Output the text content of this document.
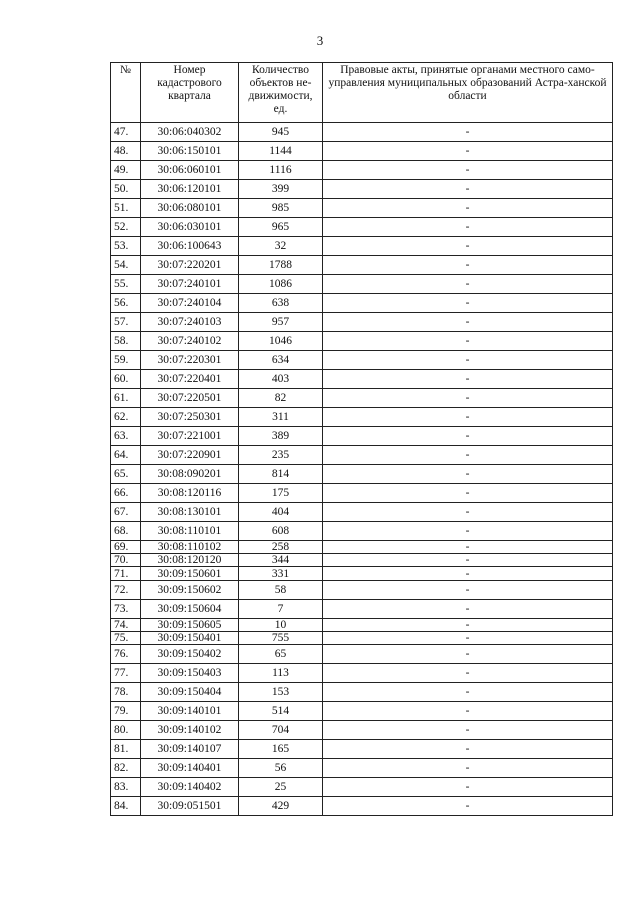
3
№	Номер кадастрового квартала	Количество объектов не-движимости, ед.	Правовые акты, принятые органами местного само-управления муниципальных образований Астра-ханской области
47.	30:06:040302	945	-
48.	30:06:150101	1144	-
49.	30:06:060101	1116	-
50.	30:06:120101	399	-
51.	30:06:080101	985	-
52.	30:06:030101	965	-
53.	30:06:100643	32	-
54.	30:07:220201	1788	-
55.	30:07:240101	1086	-
56.	30:07:240104	638	-
57.	30:07:240103	957	-
58.	30:07:240102	1046	-
59.	30:07:220301	634	-
60.	30:07:220401	403	-
61.	30:07:220501	82	-
62.	30:07:250301	311	-
63.	30:07:221001	389	-
64.	30:07:220901	235	-
65.	30:08:090201	814	-
66.	30:08:120116	175	-
67.	30:08:130101	404	-
68.	30:08:110101	608	-
69.	30:08:110102	258	-
70.	30:08:120120	344	-
71.	30:09:150601	331	-
72.	30:09:150602	58	-
73.	30:09:150604	7	-
74.	30:09:150605	10	-
75.	30:09:150401	755	-
76.	30:09:150402	65	-
77.	30:09:150403	113	-
78.	30:09:150404	153	-
79.	30:09:140101	514	-
80.	30:09:140102	704	-
81.	30:09:140107	165	-
82.	30:09:140401	56	-
83.	30:09:140402	25	-
84.	30:09:051501	429	-
